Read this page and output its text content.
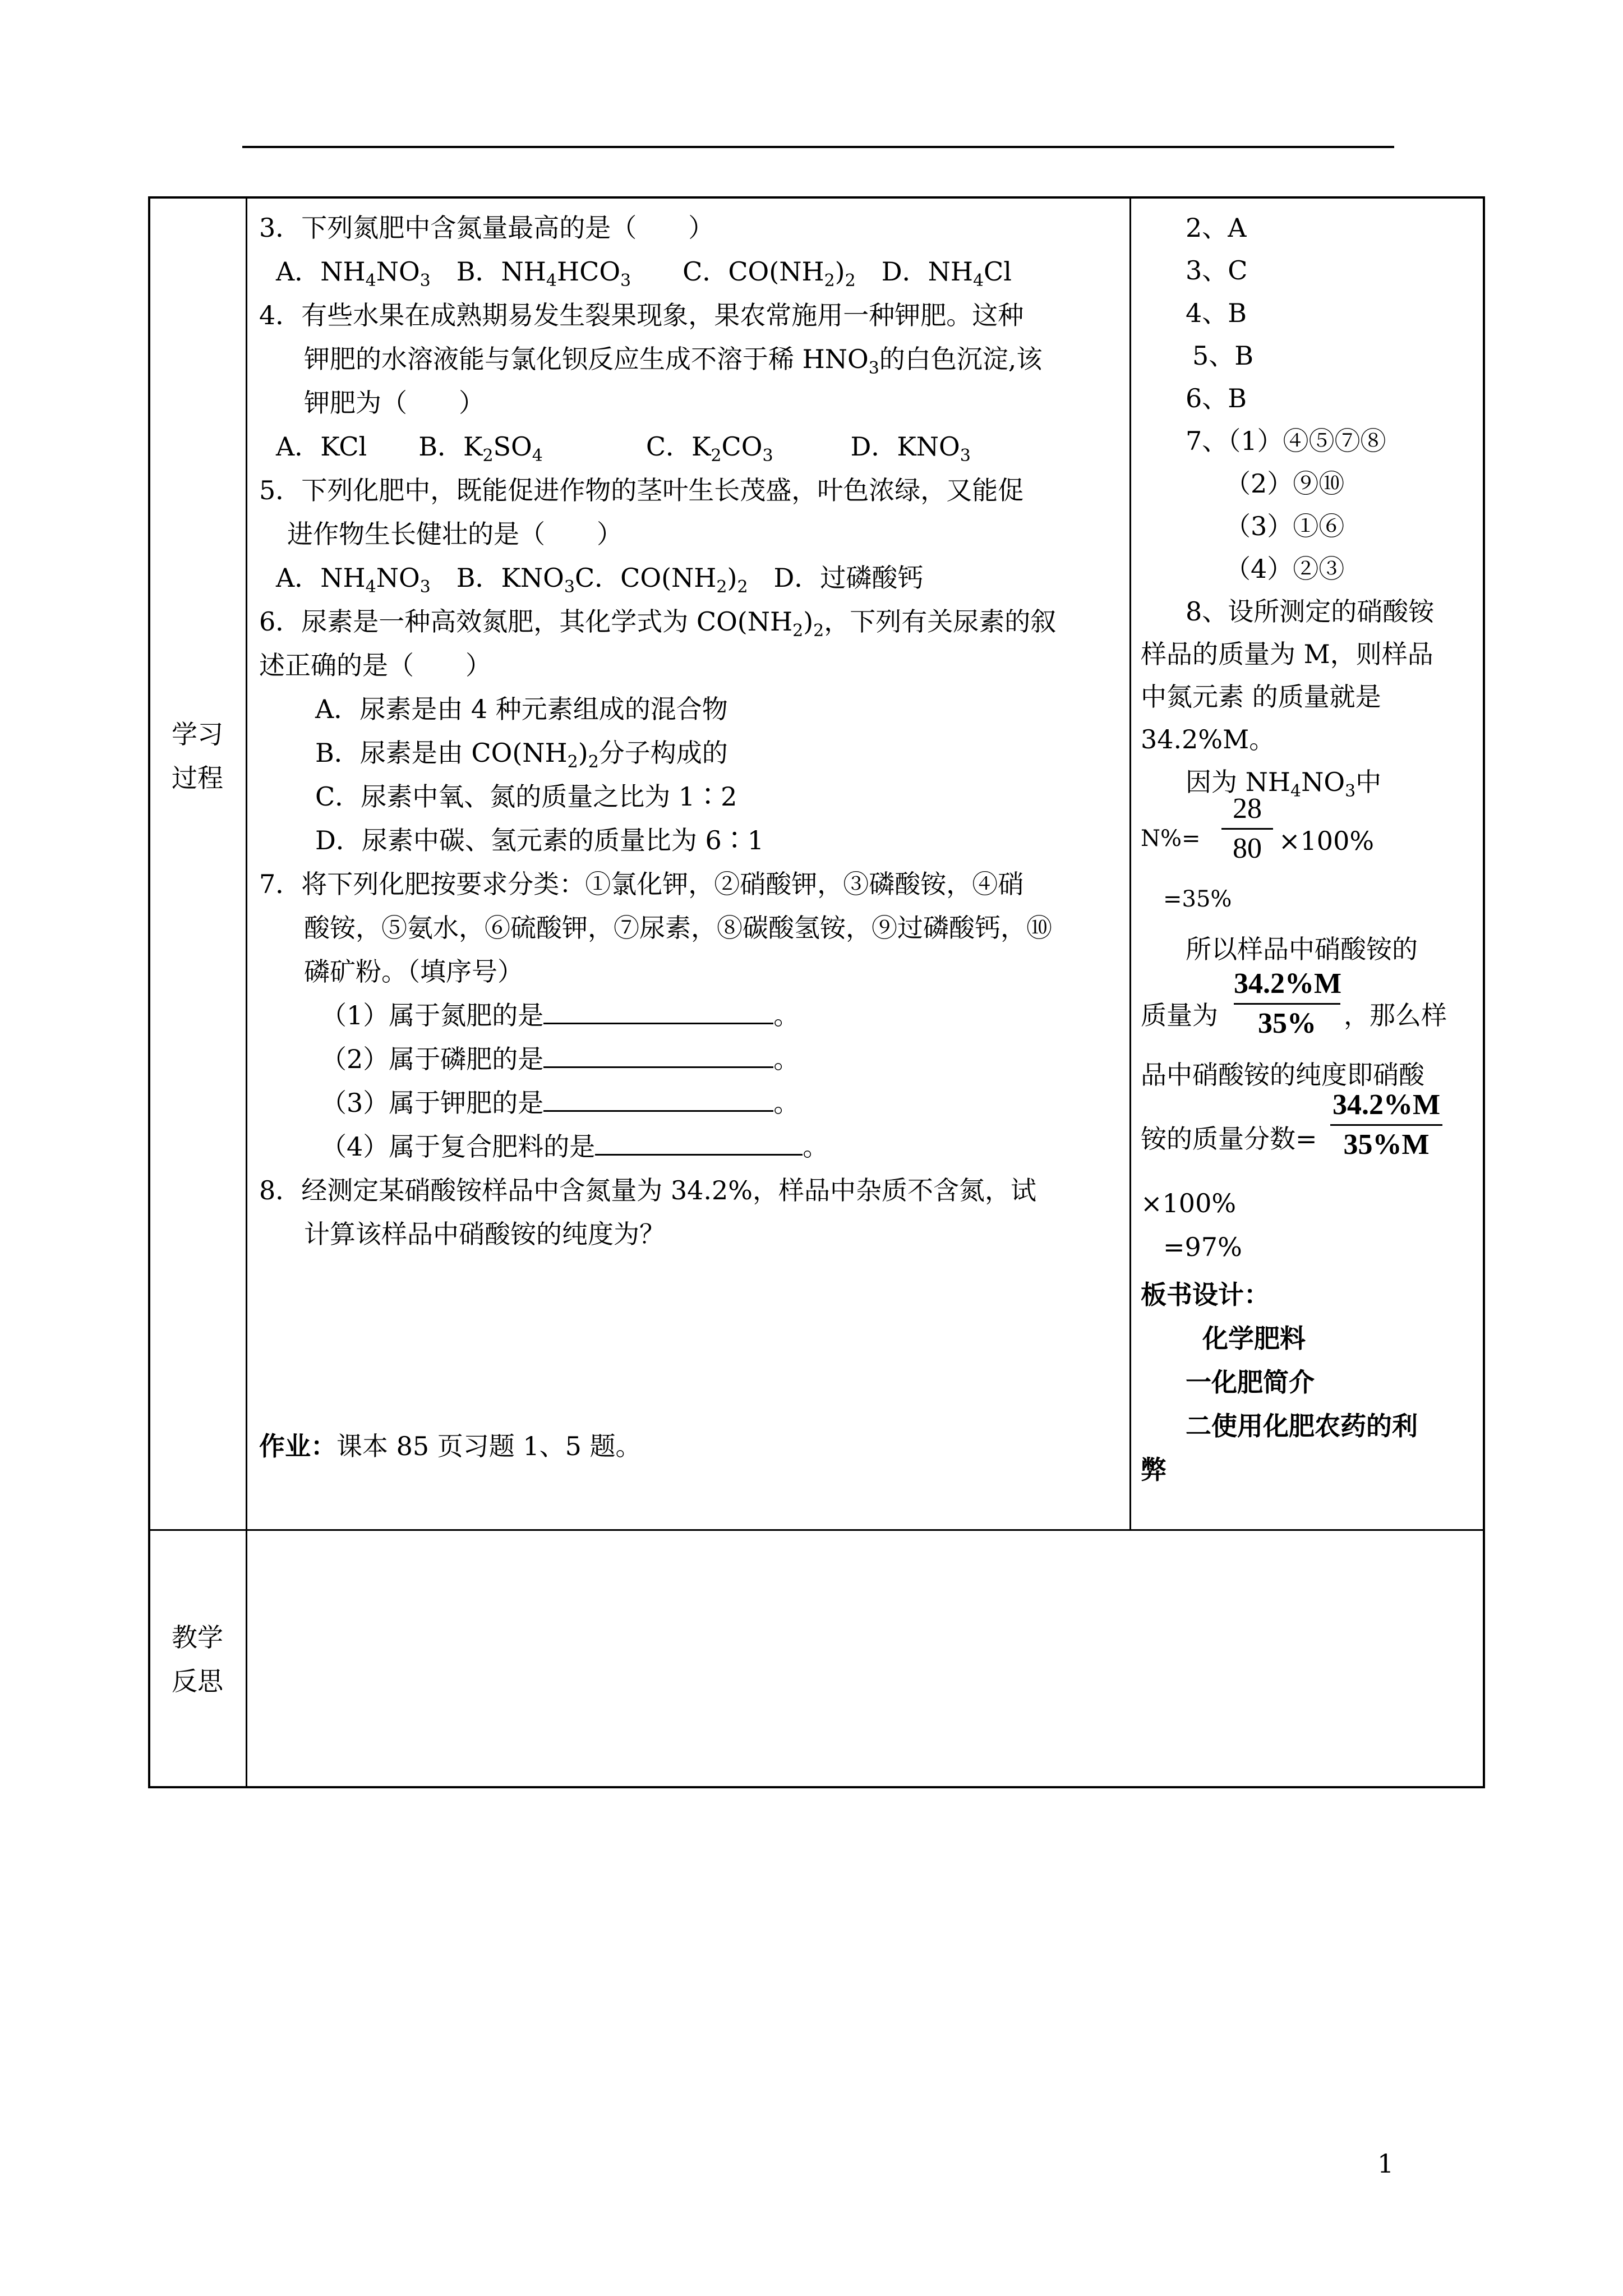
学习
过程
教学
反思
3．下列氮肥中含氮量最高的是（　　）
A．$NH_4NO_3$　B．$NH_4HCO_3$　　C．$CO(NH_2)_2$　D．$NH_4Cl$
4．有些水果在成熟期易发生裂果现象，果农常施用一种钾肥。这种
钾肥的水溶液能与氯化钡反应生成不溶于稀 $HNO_3$的白色沉淀,该
钾肥为（　　）
A．KCl　　B．$K_2SO_4$　　　　C．$K_2CO_3$　　　D．$KNO_3$
5．下列化肥中，既能促进作物的茎叶生长茂盛，叶色浓绿，又能促
进作物生长健壮的是（　　）
A．$NH_4NO_3$　B．$KNO_3C$．$CO(NH_2)_2$　D．过磷酸钙
6．尿素是一种高效氮肥，其化学式为 $CO(NH_2)_2$，下列有关尿素的叙
述正确的是（　　）
A．尿素是由 4 种元素组成的混合物
B．尿素是由 $CO(NH_2)_2$分子构成的
C．尿素中氧、氮的质量之比为 1∶2
D．尿素中碳、氢元素的质量比为 6∶1
7．将下列化肥按要求分类：①氯化钾，②硝酸钾，③磷酸铵，④硝
酸铵，⑤氨水，⑥硫酸钾，⑦尿素，⑧碳酸氢铵，⑨过磷酸钙，⑩
磷矿粉。（填序号）
（1）属于氮肥的是	。
（2）属于磷肥的是	。
（3）属于钾肥的是	。
（4）属于复合肥料的是	。
8．经测定某硝酸铵样品中含氮量为 34.2%，样品中杂质不含氮，试
计算该样品中硝酸铵的纯度为？
作业：课本 85 页习题 1、5 题。
2、A
3、C
4、B
5、B
6、B
7、（1）④⑤⑦⑧
（2）⑨⑩
（3）①⑥
（4）②③
8、设所测定的硝酸铵
样品的质量为 M，则样品
中氮元素 的质量就是
34.2%M。
因为 $NH_4NO_3$中
N%=
28
80 ×100%
=35%
所以样品中硝酸铵的
质量为
34.2%M
35%	，那么样
品中硝酸铵的纯度即硝酸
铵的质量分数=
34.2%M
35%M
×100%
=97%
板书设计：
化学肥料
一化肥简介
二使用化肥农药的利
弊
1
